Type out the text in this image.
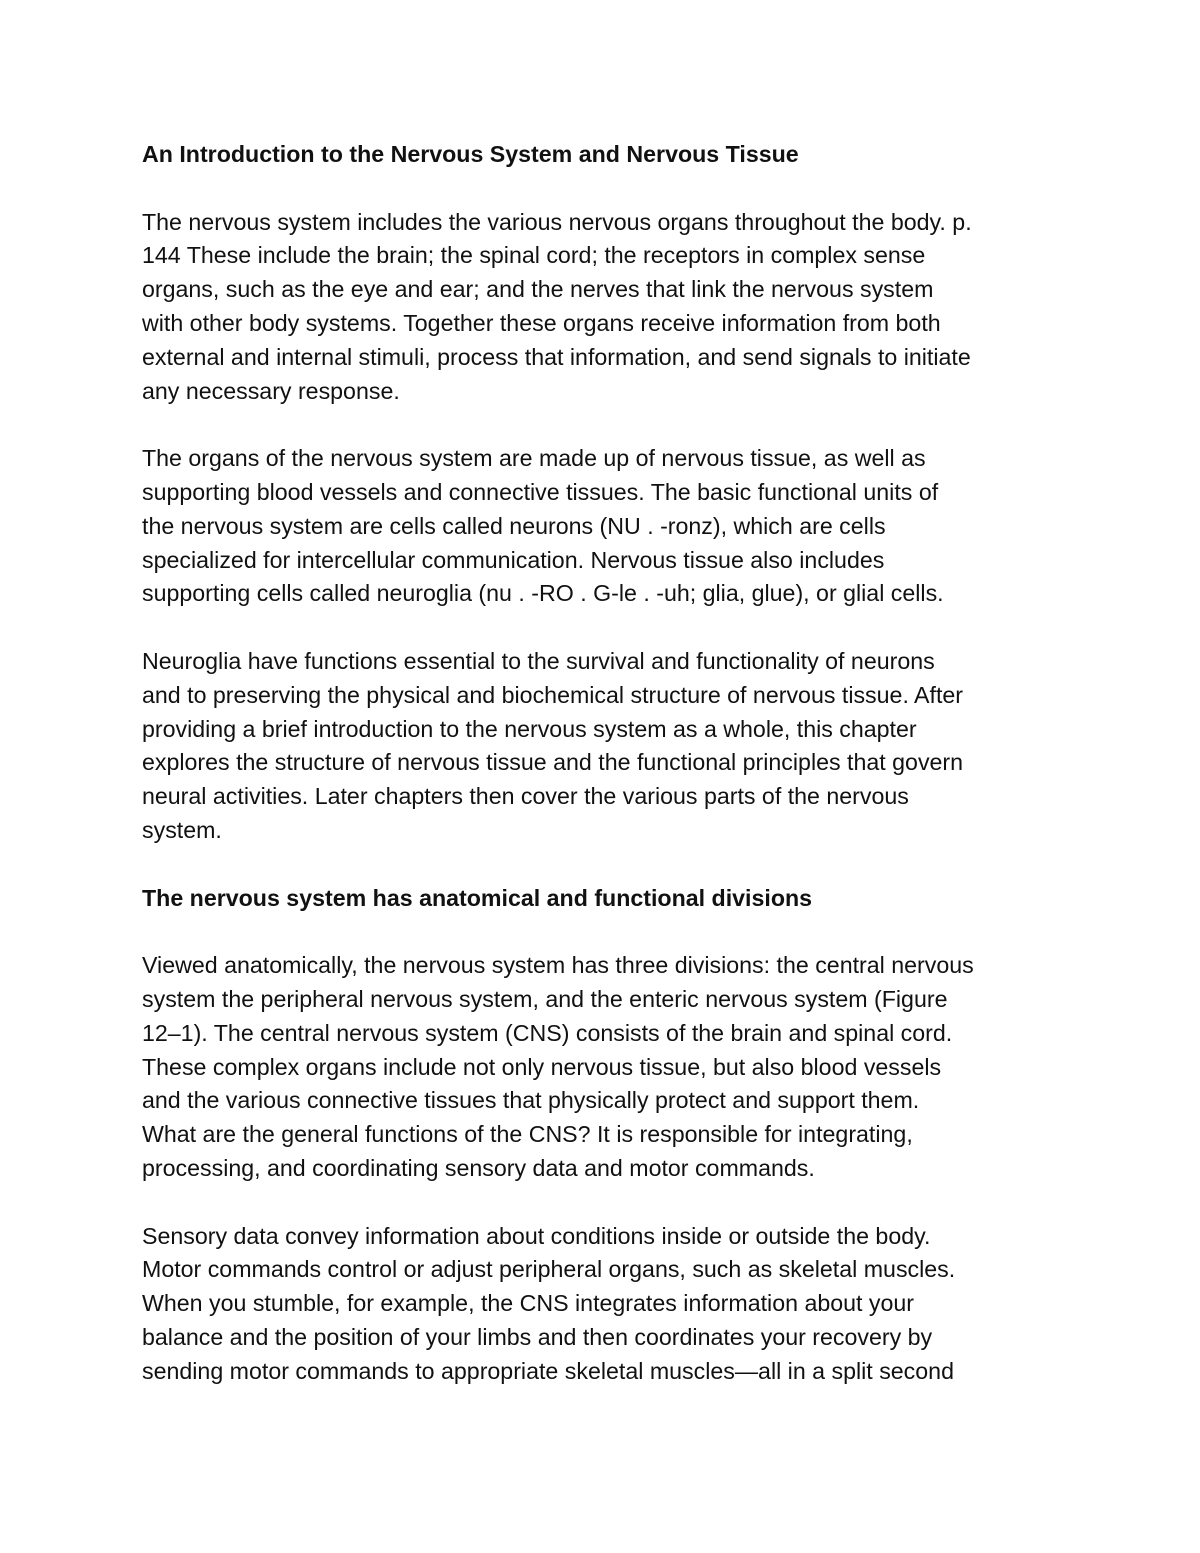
An Introduction to the Nervous System and Nervous Tissue

The nervous system includes the various nervous organs throughout the body. p.
144 These include the brain; the spinal cord; the receptors in complex sense
organs, such as the eye and ear; and the nerves that link the nervous system
with other body systems. Together these organs receive information from both
external and internal stimuli, process that information, and send signals to initiate
any necessary response.

The organs of the nervous system are made up of nervous tissue, as well as
supporting blood vessels and connective tissues. The basic functional units of
the nervous system are cells called neurons (NU . -ronz), which are cells
specialized for intercellular communication. Nervous tissue also includes
supporting cells called neuroglia (nu . -RO . G-le . -uh; glia, glue), or glial cells.

Neuroglia have functions essential to the survival and functionality of neurons
and to preserving the physical and biochemical structure of nervous tissue. After
providing a brief introduction to the nervous system as a whole, this chapter
explores the structure of nervous tissue and the functional principles that govern
neural activities. Later chapters then cover the various parts of the nervous
system.

The nervous system has anatomical and functional divisions

Viewed anatomically, the nervous system has three divisions: the central nervous
system the peripheral nervous system, and the enteric nervous system (Figure
12–1). The central nervous system (CNS) consists of the brain and spinal cord.
These complex organs include not only nervous tissue, but also blood vessels
and the various connective tissues that physically protect and support them.
What are the general functions of the CNS? It is responsible for integrating,
processing, and coordinating sensory data and motor commands.

Sensory data convey information about conditions inside or outside the body.
Motor commands control or adjust peripheral organs, such as skeletal muscles.
When you stumble, for example, the CNS integrates information about your
balance and the position of your limbs and then coordinates your recovery by
sending motor commands to appropriate skeletal muscles—all in a split second
